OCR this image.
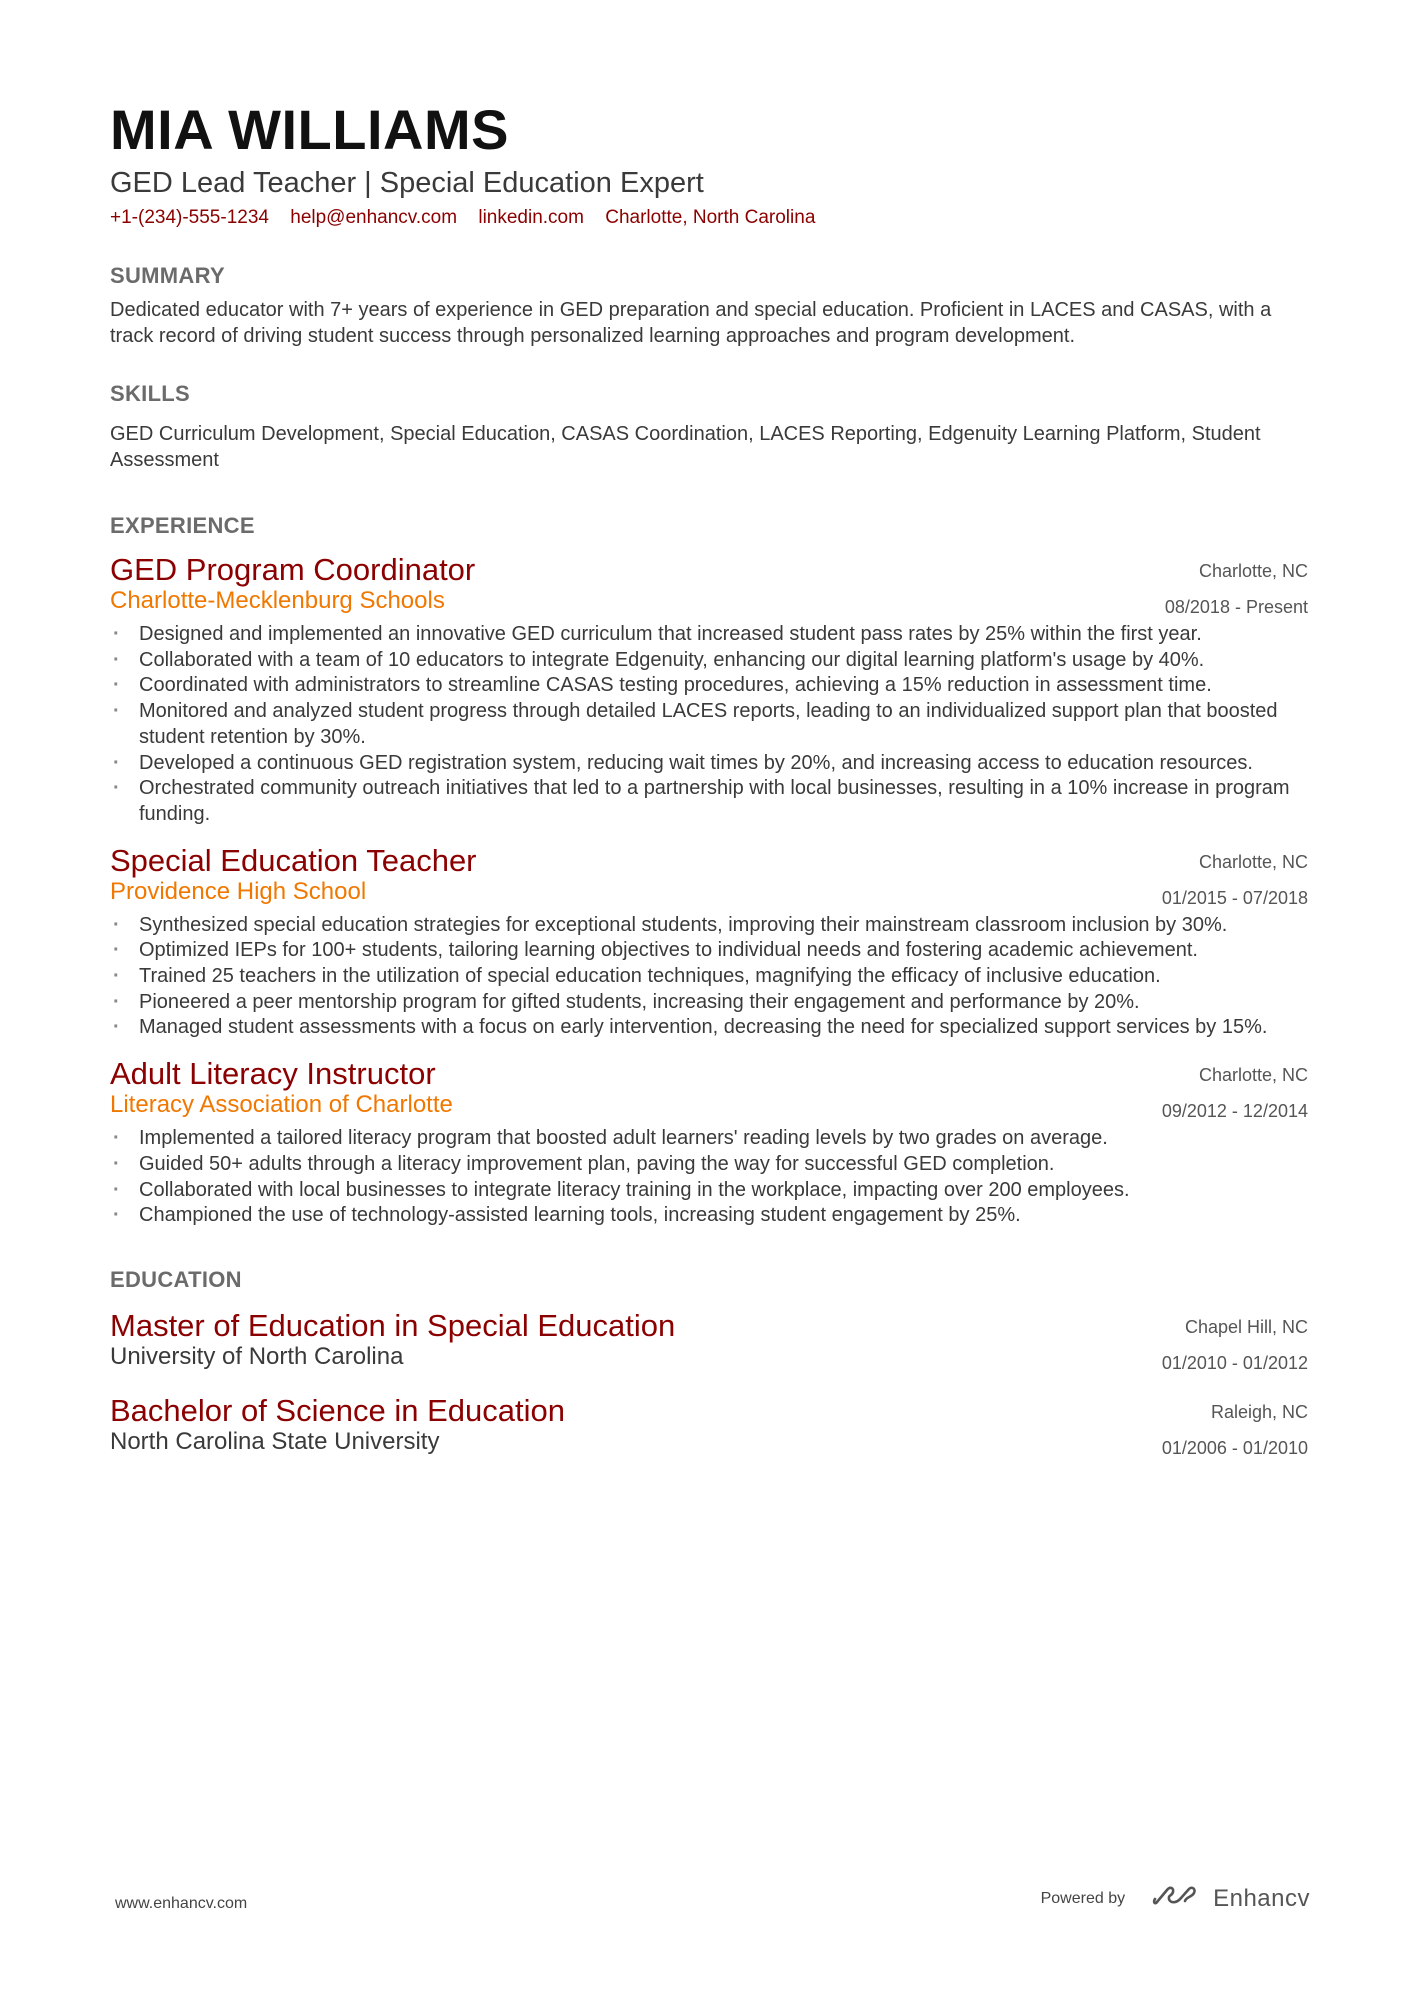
MIA WILLIAMS
GED Lead Teacher | Special Education Expert
+1-(234)-555-1234 help@enhancv.com linkedin.com Charlotte, North Carolina
SUMMARY
Dedicated educator with 7+ years of experience in GED preparation and special education. Proficient in LACES and CASAS, with a track record of driving student success through personalized learning approaches and program development.
SKILLS
GED Curriculum Development, Special Education, CASAS Coordination, LACES Reporting, Edgenuity Learning Platform, Student Assessment
EXPERIENCE
GED Program Coordinator
Charlotte-Mecklenburg Schools
Charlotte, NC
08/2018 - Present
· Designed and implemented an innovative GED curriculum that increased student pass rates by 25% within the first year.
· Collaborated with a team of 10 educators to integrate Edgenuity, enhancing our digital learning platform's usage by 40%.
· Coordinated with administrators to streamline CASAS testing procedures, achieving a 15% reduction in assessment time.
· Monitored and analyzed student progress through detailed LACES reports, leading to an individualized support plan that boosted student retention by 30%.
· Developed a continuous GED registration system, reducing wait times by 20%, and increasing access to education resources.
· Orchestrated community outreach initiatives that led to a partnership with local businesses, resulting in a 10% increase in program funding.
Special Education Teacher
Providence High School
Charlotte, NC
01/2015 - 07/2018
· Synthesized special education strategies for exceptional students, improving their mainstream classroom inclusion by 30%.
· Optimized IEPs for 100+ students, tailoring learning objectives to individual needs and fostering academic achievement.
· Trained 25 teachers in the utilization of special education techniques, magnifying the efficacy of inclusive education.
· Pioneered a peer mentorship program for gifted students, increasing their engagement and performance by 20%.
· Managed student assessments with a focus on early intervention, decreasing the need for specialized support services by 15%.
Adult Literacy Instructor
Literacy Association of Charlotte
Charlotte, NC
09/2012 - 12/2014
· Implemented a tailored literacy program that boosted adult learners' reading levels by two grades on average.
· Guided 50+ adults through a literacy improvement plan, paving the way for successful GED completion.
· Collaborated with local businesses to integrate literacy training in the workplace, impacting over 200 employees.
· Championed the use of technology-assisted learning tools, increasing student engagement by 25%.
EDUCATION
Master of Education in Special Education
University of North Carolina
Chapel Hill, NC
01/2010 - 01/2012
Bachelor of Science in Education
North Carolina State University
Raleigh, NC
01/2006 - 01/2010
www.enhancv.com	Powered by	Enhancv
